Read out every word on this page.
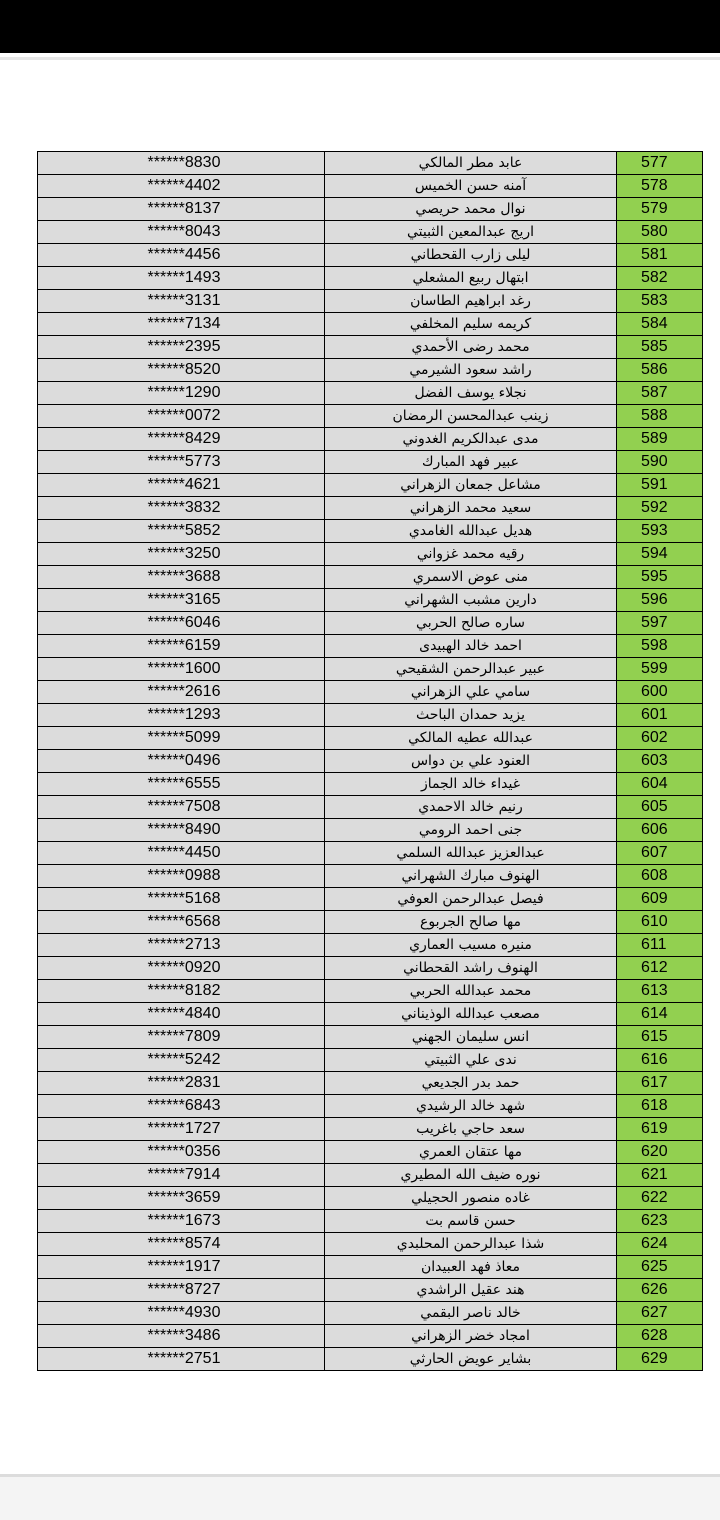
******8830	عابد مطر المالكي	577
******4402	آمنه حسن الخميس	578
******8137	نوال محمد حريصي	579
******8043	اريج عبدالمعين الثبيتي	580
******4456	ليلى زارب القحطاني	581
******1493	ابتهال ربيع المشعلي	582
******3131	رغد ابراهيم الطاسان	583
******7134	كريمه سليم المخلفي	584
******2395	محمد رضى الأحمدي	585
******8520	راشد سعود الشيرمي	586
******1290	نجلاء يوسف الفضل	587
******0072	زينب عبدالمحسن الرمضان	588
******8429	مدى عبدالكريم الغدوني	589
******5773	عبير فهد المبارك	590
******4621	مشاعل جمعان الزهراني	591
******3832	سعيد محمد الزهراني	592
******5852	هديل عبدالله الغامدي	593
******3250	رقيه محمد غزواني	594
******3688	منى عوض الاسمري	595
******3165	دارين مشبب الشهراني	596
******6046	ساره صالح الحربي	597
******6159	احمد خالد الهبيدى	598
******1600	عبير عبدالرحمن الشقيحي	599
******2616	سامي علي الزهراني	600
******1293	يزيد حمدان الباحث	601
******5099	عبدالله عطيه المالكي	602
******0496	العنود علي بن دواس	603
******6555	غيداء خالد الجماز	604
******7508	رنيم خالد الاحمدي	605
******8490	جنى احمد الرومي	606
******4450	عبدالعزيز عبدالله السلمي	607
******0988	الهنوف مبارك الشهراني	608
******5168	فيصل عبدالرحمن العوفي	609
******6568	مها صالح الجربوع	610
******2713	منيره مسيب العماري	611
******0920	الهنوف راشد القحطاني	612
******8182	محمد عبدالله الحربي	613
******4840	مصعب عبدالله الوذيناني	614
******7809	انس سليمان الجهني	615
******5242	ندى علي الثبيتي	616
******2831	حمد بدر الجديعي	617
******6843	شهد خالد الرشيدي	618
******1727	سعد حاجي باغريب	619
******0356	مها عتقان العمري	620
******7914	نوره ضيف الله المطيري	621
******3659	غاده منصور الحجيلي	622
******1673	حسن قاسم بت	623
******8574	شذا عبدالرحمن المحلبدي	624
******1917	معاذ فهد العبيدان	625
******8727	هند عقيل الراشدي	626
******4930	خالد ناصر البقمي	627
******3486	امجاد خضر الزهراني	628
******2751	بشاير عويض الحارثي	629
